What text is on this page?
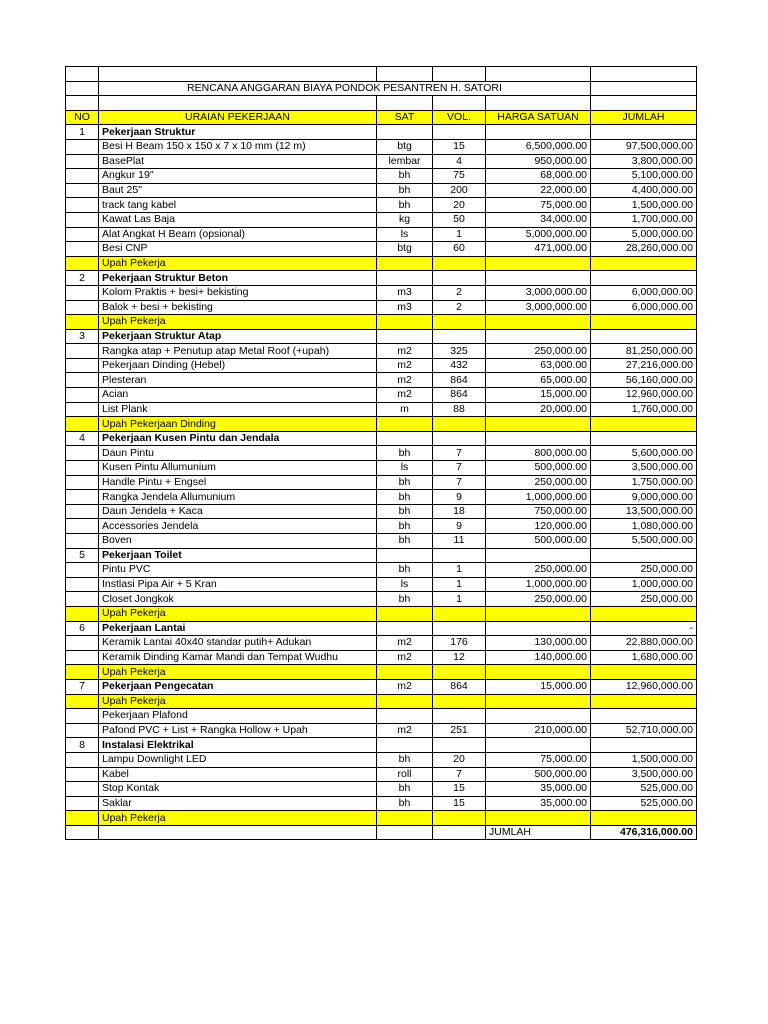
	RENCANA ANGGARAN BIAYA PONDOK PESANTREN H. SATORI				

NO	URAIAN PEKERJAAN	SAT	VOL.	HARGA SATUAN	JUMLAH
1	Pekerjaan Struktur				
	Besi H Beam 150 x 150 x 7 x 10 mm (12 m)	btg	15	6,500,000.00	97,500,000.00
	BasePlat	lembar	4	950,000.00	3,800,000.00
	Angkur 19"	bh	75	68,000.00	5,100,000.00
	Baut 25"	bh	200	22,000.00	4,400,000.00
	track tang kabel	bh	20	75,000.00	1,500,000.00
	Kawat Las Baja	kg	50	34,000.00	1,700,000.00
	Alat Angkat H Beam (opsional)	ls	1	5,000,000.00	5,000,000.00
	Besi CNP	btg	60	471,000.00	28,260,000.00
	Upah Pekerja				
2	Pekerjaan Struktur Beton				
	Kolom Praktis + besi+ bekisting	m3	2	3,000,000.00	6,000,000.00
	Balok + besi + bekisting	m3	2	3,000,000.00	6,000,000.00
	Upah Pekerja				
3	Pekerjaan Struktur Atap				
	Rangka atap + Penutup atap Metal Roof (+upah)	m2	325	250,000.00	81,250,000.00
	Pekerjaan Dinding (Hebel)	m2	432	63,000.00	27,216,000.00
	Plesteran	m2	864	65,000.00	56,160,000.00
	Acian	m2	864	15,000.00	12,960,000.00
	List Plank	m	88	20,000.00	1,760,000.00
	Upah Pekerjaan Dinding				
4	Pekerjaan Kusen Pintu dan Jendala				
	Daun Pintu	bh	7	800,000.00	5,600,000.00
	Kusen Pintu Allumunium	ls	7	500,000.00	3,500,000.00
	Handle Pintu + Engsel	bh	7	250,000.00	1,750,000.00
	Rangka Jendela Allumunium	bh	9	1,000,000.00	9,000,000.00
	Daun Jendela + Kaca	bh	18	750,000.00	13,500,000.00
	Accessories Jendela	bh	9	120,000.00	1,080,000.00
	Boven	bh	11	500,000.00	5,500,000.00
5	Pekerjaan Toilet				
	Pintu PVC	bh	1	250,000.00	250,000.00
	Instlasi Pipa Air + 5 Kran	ls	1	1,000,000.00	1,000,000.00
	Closet Jongkok	bh	1	250,000.00	250,000.00
	Upah Pekerja				
6	Pekerjaan Lantai				-
	Keramik Lantai 40x40 standar putih+ Adukan	m2	176	130,000.00	22,880,000.00
	Keramik Dinding Kamar Mandi dan Tempat Wudhu	m2	12	140,000.00	1,680,000.00
	Upah Pekerja				
7	Pekerjaan Pengecatan	m2	864	15,000.00	12,960,000.00
	Upah Pekerja				
	Pekerjaan Plafond				
	Pafond PVC + List + Rangka Hollow + Upah	m2	251	210,000.00	52,710,000.00
8	Instalasi Elektrikal				
	Lampu Downlight LED	bh	20	75,000.00	1,500,000.00
	Kabel	roll	7	500,000.00	3,500,000.00
	Stop Kontak	bh	15	35,000.00	525,000.00
	Saklar	bh	15	35,000.00	525,000.00
	Upah Pekerja				
				JUMLAH	476,316,000.00
